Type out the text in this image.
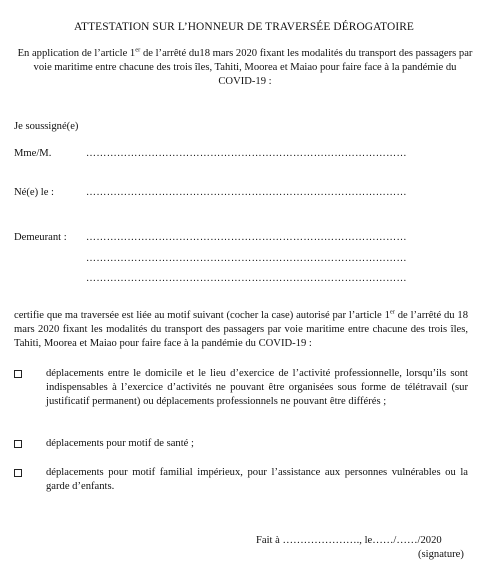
ATTESTATION SUR L’HONNEUR DE TRAVERSÉE DÉROGATOIRE
En application de l’article 1er de l’arrêté du18 mars 2020 fixant les modalités du transport des passagers par voie maritime entre chacune des trois îles, Tahiti, Moorea et Maiao pour faire face à la pandémie du COVID-19 :
Je soussigné(e)
Mme/M.	…………………………………………………………………………………
Né(e) le :	…………………………………………………………………………………
Demeurant : …………………………………………………………………………………
…………………………………………………………………………………
…………………………………………………………………………………
certifie que ma traversée est liée au motif suivant (cocher la case) autorisé par l’article 1er de l’arrêté du 18 mars 2020 fixant les modalités du transport des passagers par voie maritime entre chacune des trois îles, Tahiti, Moorea et Maiao pour faire face à la pandémie du COVID-19 :
déplacements entre le domicile et le lieu d’exercice de l’activité professionnelle, lorsqu’ils sont indispensables à l’exercice d’activités ne pouvant être organisées sous forme de télétravail (sur justificatif permanent) ou déplacements professionnels ne pouvant être différés ;
déplacements pour motif de santé ;
déplacements pour motif familial impérieux, pour l’assistance aux personnes vulnérables ou la garde d’enfants.
Fait à …………………., le……/……/2020
(signature)
